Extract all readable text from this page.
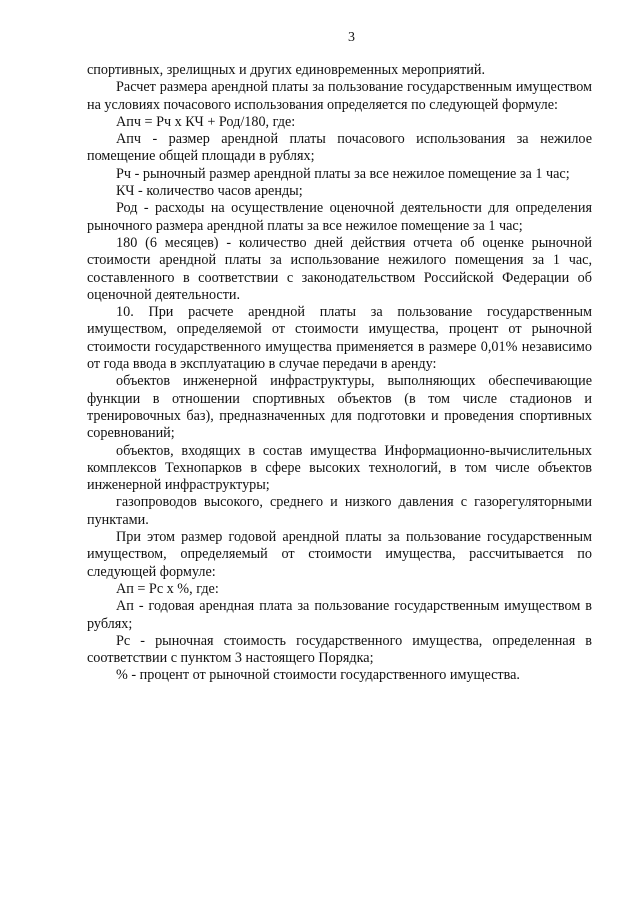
3

спортивных, зрелищных и других единовременных мероприятий.

Расчет размера арендной платы за пользование государственным имуществом на условиях почасового использования определяется по следующей формуле:

Апч = Рч х КЧ + Род/180, где:

Апч - размер арендной платы почасового использования за нежилое помещение общей площади в рублях;

Рч - рыночный размер арендной платы за все нежилое помещение за 1 час;

КЧ - количество часов аренды;

Род - расходы на осуществление оценочной деятельности для определения рыночного размера арендной платы за все нежилое помещение за 1 час;

180 (6 месяцев) - количество дней действия отчета об оценке рыночной стоимости арендной платы за использование нежилого помещения за 1 час, составленного в соответствии с законодательством Российской Федерации об оценочной деятельности.

10. При расчете арендной платы за пользование государственным имуществом, определяемой от стоимости имущества, процент от рыночной стоимости государственного имущества применяется в размере 0,01% независимо от года ввода в эксплуатацию в случае передачи в аренду:

объектов инженерной инфраструктуры, выполняющих обеспечивающие функции в отношении спортивных объектов (в том числе стадионов и тренировочных баз), предназначенных для подготовки и проведения спортивных соревнований;

объектов, входящих в состав имущества Информационно-вычислительных комплексов Технопарков в сфере высоких технологий, в том числе объектов инженерной инфраструктуры;

газопроводов высокого, среднего и низкого давления с газорегуляторными пунктами.

При этом размер годовой арендной платы за пользование государственным имуществом, определяемый от стоимости имущества, рассчитывается по следующей формуле:

Ап = Рс х %, где:

Ап - годовая арендная плата за пользование государственным имуществом в рублях;

Рс - рыночная стоимость государственного имущества, определенная в соответствии с пунктом 3 настоящего Порядка;

% - процент от рыночной стоимости государственного имущества.
